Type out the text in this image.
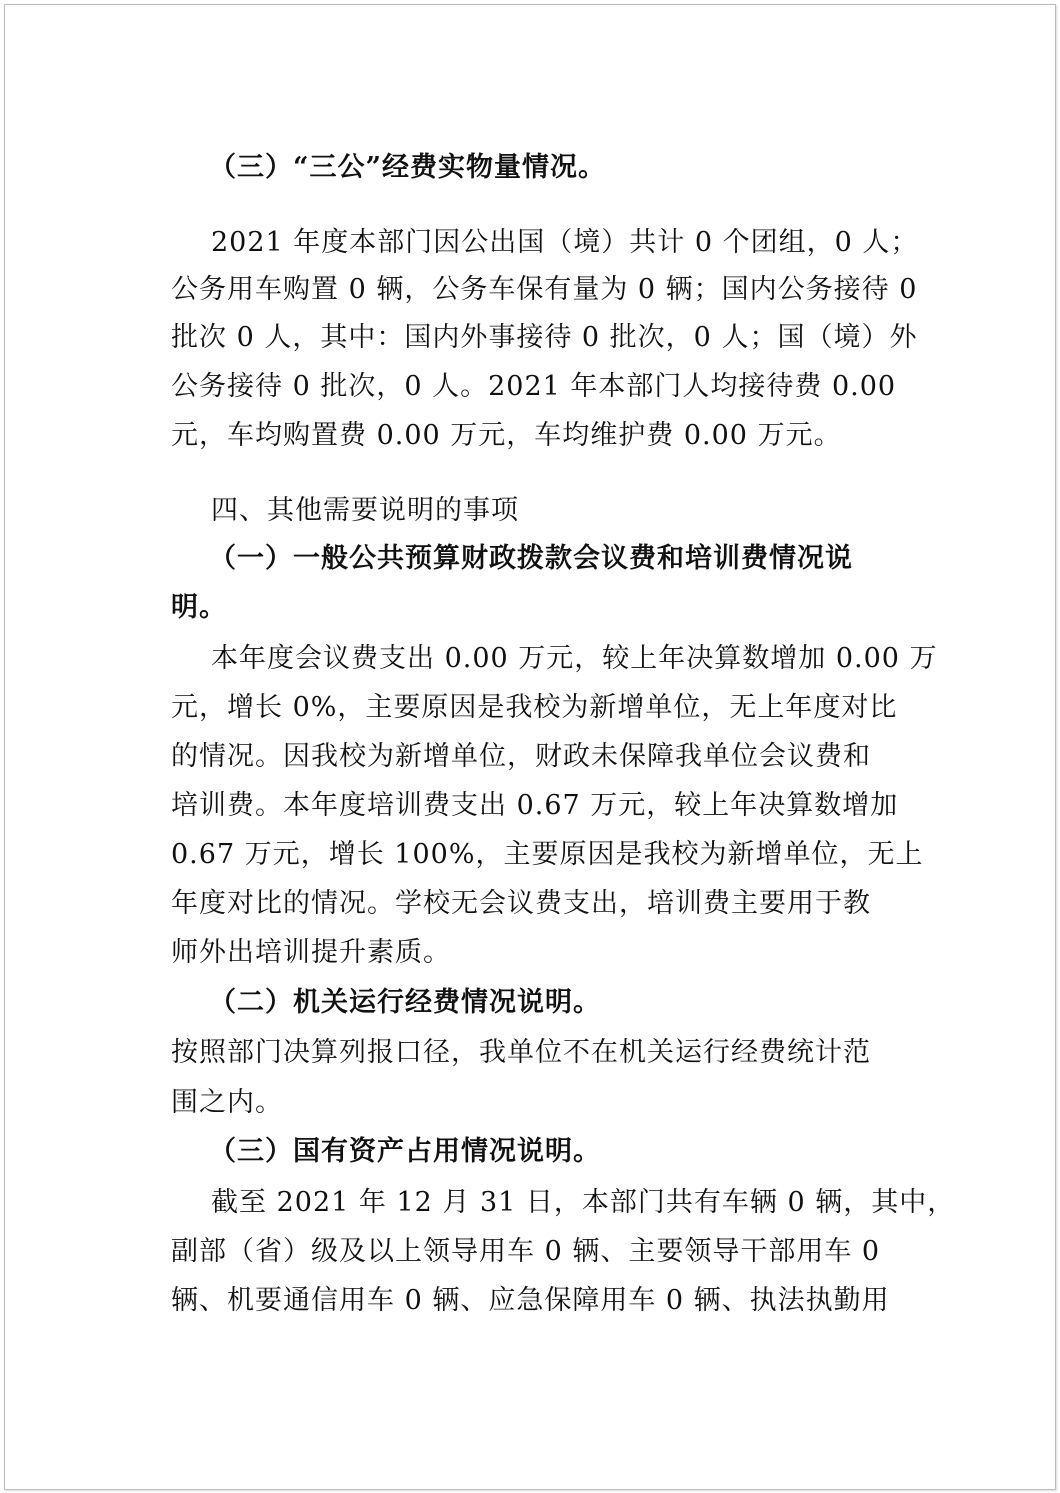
（三）“三公”经费实物量情况。
2021 年度本部门因公出国（境）共计 0 个团组，0 人；
公务用车购置 0 辆，公务车保有量为 0 辆；国内公务接待 0
批次 0 人，其中：国内外事接待 0 批次，0 人；国（境）外
公务接待 0 批次，0 人。2021 年本部门人均接待费 0.00
元，车均购置费 0.00 万元，车均维护费 0.00 万元。
四、其他需要说明的事项
（一）一般公共预算财政拨款会议费和培训费情况说
明。
本年度会议费支出 0.00 万元，较上年决算数增加 0.00 万
元，增长 0%，主要原因是我校为新增单位，无上年度对比
的情况。因我校为新增单位，财政未保障我单位会议费和
培训费。本年度培训费支出 0.67 万元，较上年决算数增加
0.67 万元，增长 100%，主要原因是我校为新增单位，无上
年度对比的情况。学校无会议费支出，培训费主要用于教
师外出培训提升素质。
（二）机关运行经费情况说明。
按照部门决算列报口径，我单位不在机关运行经费统计范
围之内。
（三）国有资产占用情况说明。
截至 2021 年 12 月 31 日，本部门共有车辆 0 辆，其中，
副部（省）级及以上领导用车 0 辆、主要领导干部用车 0
辆、机要通信用车 0 辆、应急保障用车 0 辆、执法执勤用
